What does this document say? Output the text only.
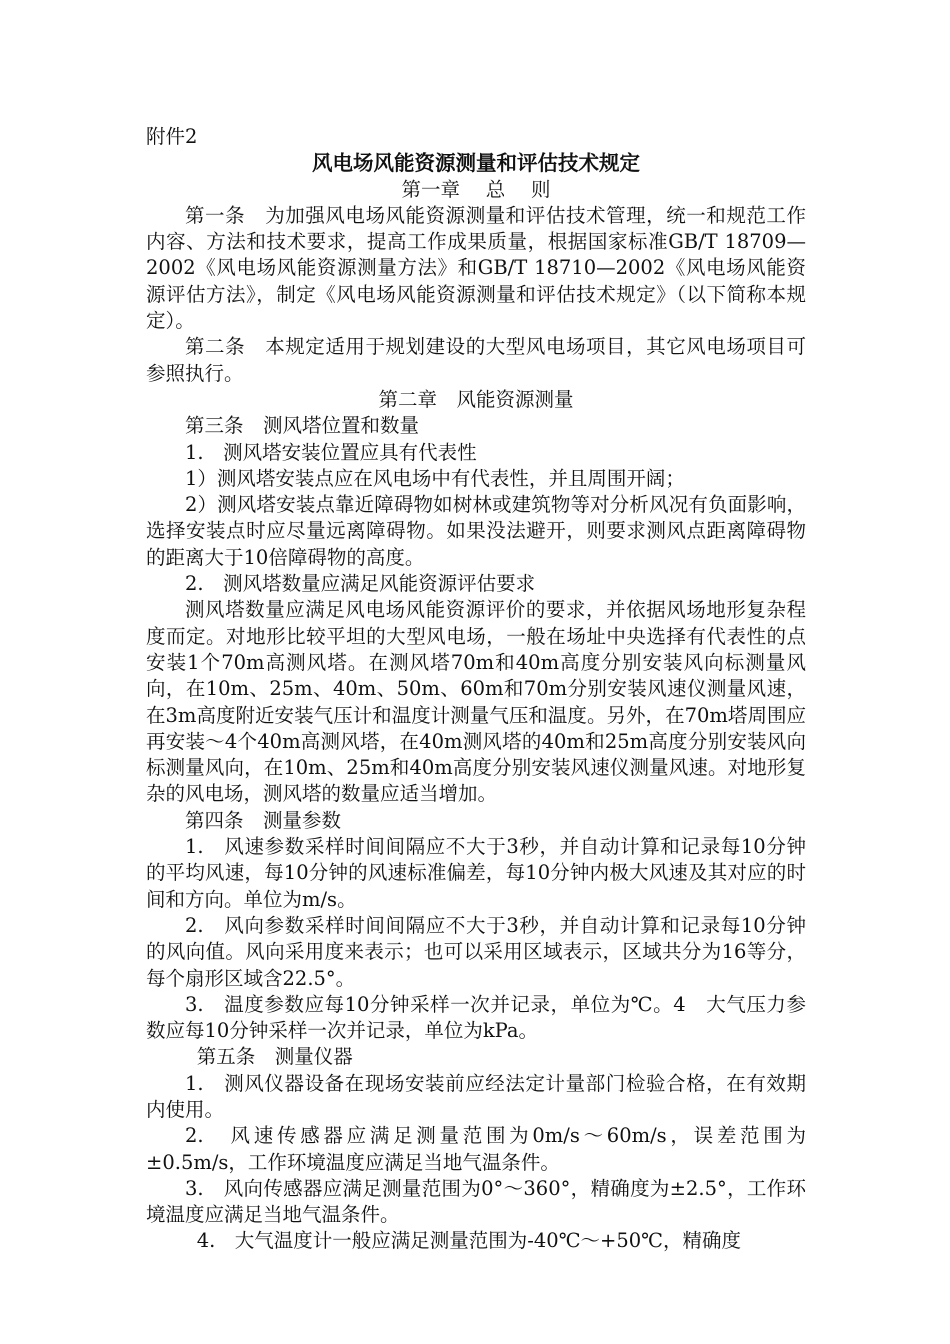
附件2

风电场风能资源测量和评估技术规定

第一章　 总　 则

第一条　为加强风电场风能资源测量和评估技术管理，统一和规范工作内容、方法和技术要求，提高工作成果质量，根据国家标准GB/T 18709—2002《风电场风能资源测量方法》和GB/T 18710—2002《风电场风能资源评估方法》，制定《风电场风能资源测量和评估技术规定》（以下简称本规定）。

第二条　本规定适用于规划建设的大型风电场项目，其它风电场项目可参照执行。

第二章　风能资源测量

第三条　测风塔位置和数量

1.　测风塔安装位置应具有代表性

1）测风塔安装点应在风电场中有代表性，并且周围开阔；

2）测风塔安装点靠近障碍物如树林或建筑物等对分析风况有负面影响，选择安装点时应尽量远离障碍物。如果没法避开，则要求测风点距离障碍物的距离大于10倍障碍物的高度。

2.　测风塔数量应满足风能资源评估要求

测风塔数量应满足风电场风能资源评价的要求，并依据风场地形复杂程度而定。对地形比较平坦的大型风电场，一般在场址中央选择有代表性的点安装1个70m高测风塔。在测风塔70m和40m高度分别安装风向标测量风向，在10m、25m、40m、50m、60m和70m分别安装风速仪测量风速，在3m高度附近安装气压计和温度计测量气压和温度。另外，在70m塔周围应再安装～4个40m高测风塔，在40m测风塔的40m和25m高度分别安装风向标测量风向，在10m、25m和40m高度分别安装风速仪测量风速。对地形复杂的风电场，测风塔的数量应适当增加。

第四条　测量参数

1.　风速参数采样时间间隔应不大于3秒，并自动计算和记录每10分钟的平均风速，每10分钟的风速标准偏差，每10分钟内极大风速及其对应的时间和方向。单位为m/s。

2.　风向参数采样时间间隔应不大于3秒，并自动计算和记录每10分钟的风向值。风向采用度来表示；也可以采用区域表示，区域共分为16等分，每个扇形区域含22.5°。

3.　温度参数应每10分钟采样一次并记录，单位为℃。4　大气压力参数应每10分钟采样一次并记录，单位为kPa。

第五条　测量仪器

1.　测风仪器设备在现场安装前应经法定计量部门检验合格，在有效期内使用。

2.　风速传感器应满足测量范围为0m/s～60m/s，误差范围为±0.5m/s，工作环境温度应满足当地气温条件。

3.　风向传感器应满足测量范围为0°～360°，精确度为±2.5°，工作环境温度应满足当地气温条件。

4.　大气温度计一般应满足测量范围为-40℃～+50℃，精确度
